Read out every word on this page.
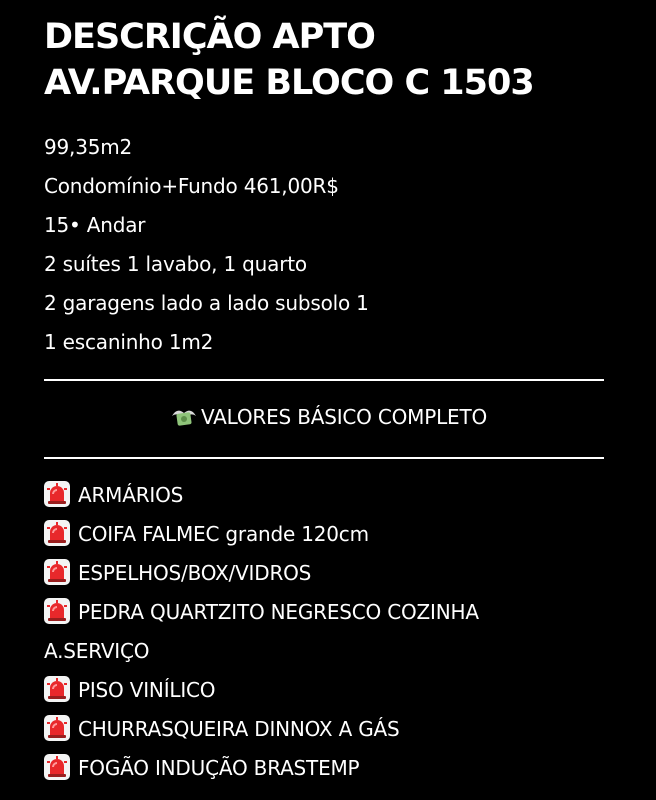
DESCRIÇÃO APTO
AV.PARQUE BLOCO C 1503
99,35m2
Condomínio+Fundo 461,00R$
15• Andar
2 suítes 1 lavabo, 1 quarto
2 garagens lado a lado subsolo 1
1 escaninho 1m2
VALORES BÁSICO COMPLETO
ARMÁRIOS
COIFA FALMEC grande 120cm
ESPELHOS/BOX/VIDROS
PEDRA QUARTZITO NEGRESCO COZINHA
A.SERVIÇO
PISO VINÍLICO
CHURRASQUEIRA DINNOX A GÁS
FOGÃO INDUÇÃO BRASTEMP
